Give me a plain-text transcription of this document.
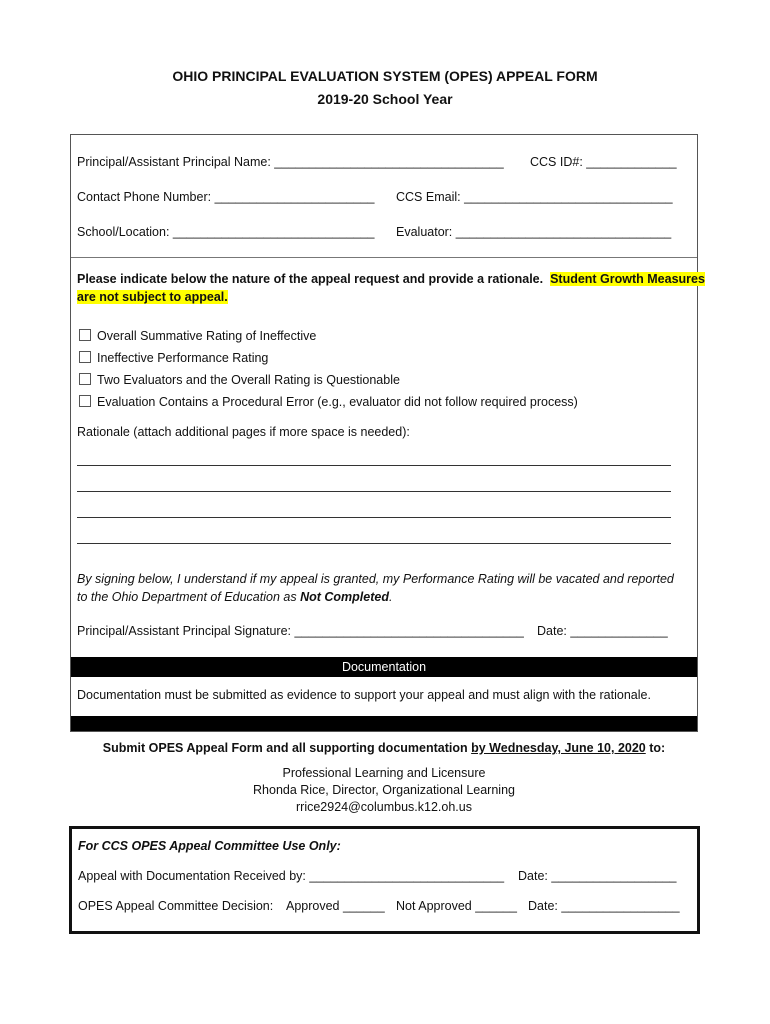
OHIO PRINCIPAL EVALUATION SYSTEM (OPES) APPEAL FORM
2019-20 School Year
Principal/Assistant Principal Name: _________________________________ CCS ID#: _____________
Contact Phone Number: _______________________ CCS Email: ______________________________
School/Location: _____________________________ Evaluator: _______________________________
Please indicate below the nature of the appeal request and provide a rationale. Student Growth Measures
are not subject to appeal.
Overall Summative Rating of Ineffective
Ineffective Performance Rating
Two Evaluators and the Overall Rating is Questionable
Evaluation Contains a Procedural Error (e.g., evaluator did not follow required process)
Rationale (attach additional pages if more space is needed):
By signing below, I understand if my appeal is granted, my Performance Rating will be vacated and reported
to the Ohio Department of Education as Not Completed.
Principal/Assistant Principal Signature: _________________________________ Date: ______________
Documentation
Documentation must be submitted as evidence to support your appeal and must align with the rationale.
Submit OPES Appeal Form and all supporting documentation by Wednesday, June 10, 2020 to:
Professional Learning and Licensure
Rhonda Rice, Director, Organizational Learning
rrice2924@columbus.k12.oh.us
For CCS OPES Appeal Committee Use Only:
Appeal with Documentation Received by: ____________________________ Date: __________________
OPES Appeal Committee Decision: Approved ______ Not Approved ______ Date: _________________
